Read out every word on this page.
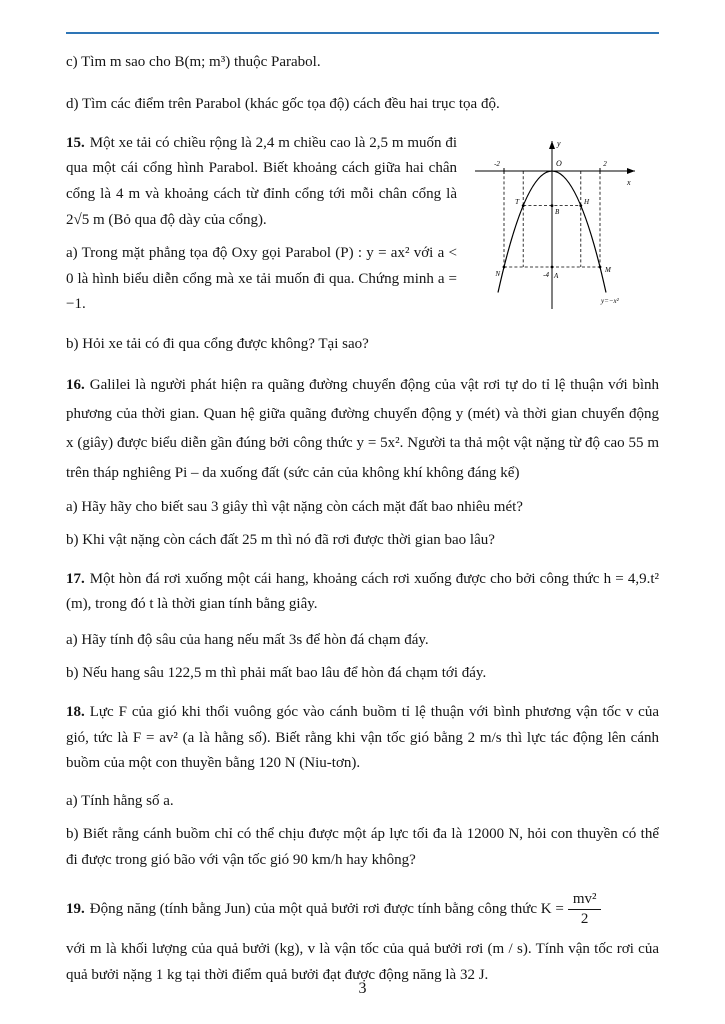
c) Tìm m sao cho B(m; m³) thuộc Parabol.

d) Tìm các điểm trên Parabol (khác gốc tọa độ) cách đều hai trục tọa độ.

y
x
O
-2	2
T
B
H
N	M
-4 A
y=−x²

15. Một xe tải có chiều rộng là 2,4 m chiều cao là 2,5 m muốn đi qua một cái cổng hình Parabol. Biết khoảng cách giữa hai chân cổng là 4 m và khoảng cách từ đỉnh cổng tới mỗi chân cổng là 2√5 m (Bỏ qua độ dày của cổng).

a) Trong mặt phẳng tọa độ Oxy gọi Parabol (P) : y = ax² với a < 0 là hình biểu diễn cổng mà xe tải muốn đi qua. Chứng minh a = −1.

b) Hỏi xe tải có đi qua cổng được không? Tại sao?

16. Galilei là người phát hiện ra quãng đường chuyển động của vật rơi tự do tỉ lệ thuận với bình phương của thời gian. Quan hệ giữa quãng đường chuyển động y (mét) và thời gian chuyển động x (giây) được biểu diễn gần đúng bởi công thức y = 5x². Người ta thả một vật nặng từ độ cao 55 m trên tháp nghiêng Pi – da xuống đất (sức cản của không khí không đáng kể)

a) Hãy hãy cho biết sau 3 giây thì vật nặng còn cách mặt đất bao nhiêu mét?

b) Khi vật nặng còn cách đất 25 m thì nó đã rơi được thời gian bao lâu?

17. Một hòn đá rơi xuống một cái hang, khoảng cách rơi xuống được cho bởi công thức h = 4,9.t² (m), trong đó t là thời gian tính bằng giây.

a) Hãy tính độ sâu của hang nếu mất 3s để hòn đá chạm đáy.

b) Nếu hang sâu 122,5 m thì phải mất bao lâu để hòn đá chạm tới đáy.

18. Lực F của gió khi thổi vuông góc vào cánh buồm tỉ lệ thuận với bình phương vận tốc v của gió, tức là F = av² (a là hằng số). Biết rằng khi vận tốc gió bằng 2 m/s thì lực tác động lên cánh buồm của một con thuyền bằng 120 N (Niu-tơn).

a) Tính hằng số a.

b) Biết rằng cánh buồm chỉ có thể chịu được một áp lực tối đa là 12000 N, hỏi con thuyền có thể đi được trong gió bão với vận tốc gió 90 km/h hay không?

19. Động năng (tính bằng Jun) của một quả bưởi rơi được tính bằng công thức $K = \frac{\text{mv²}}{2}$

với m là khối lượng của quả bưởi (kg), v là vận tốc của quả bưởi rơi (m / s). Tính vận tốc rơi của quả bưởi nặng 1 kg tại thời điểm quả bưởi đạt được động năng là 32 J.

3
